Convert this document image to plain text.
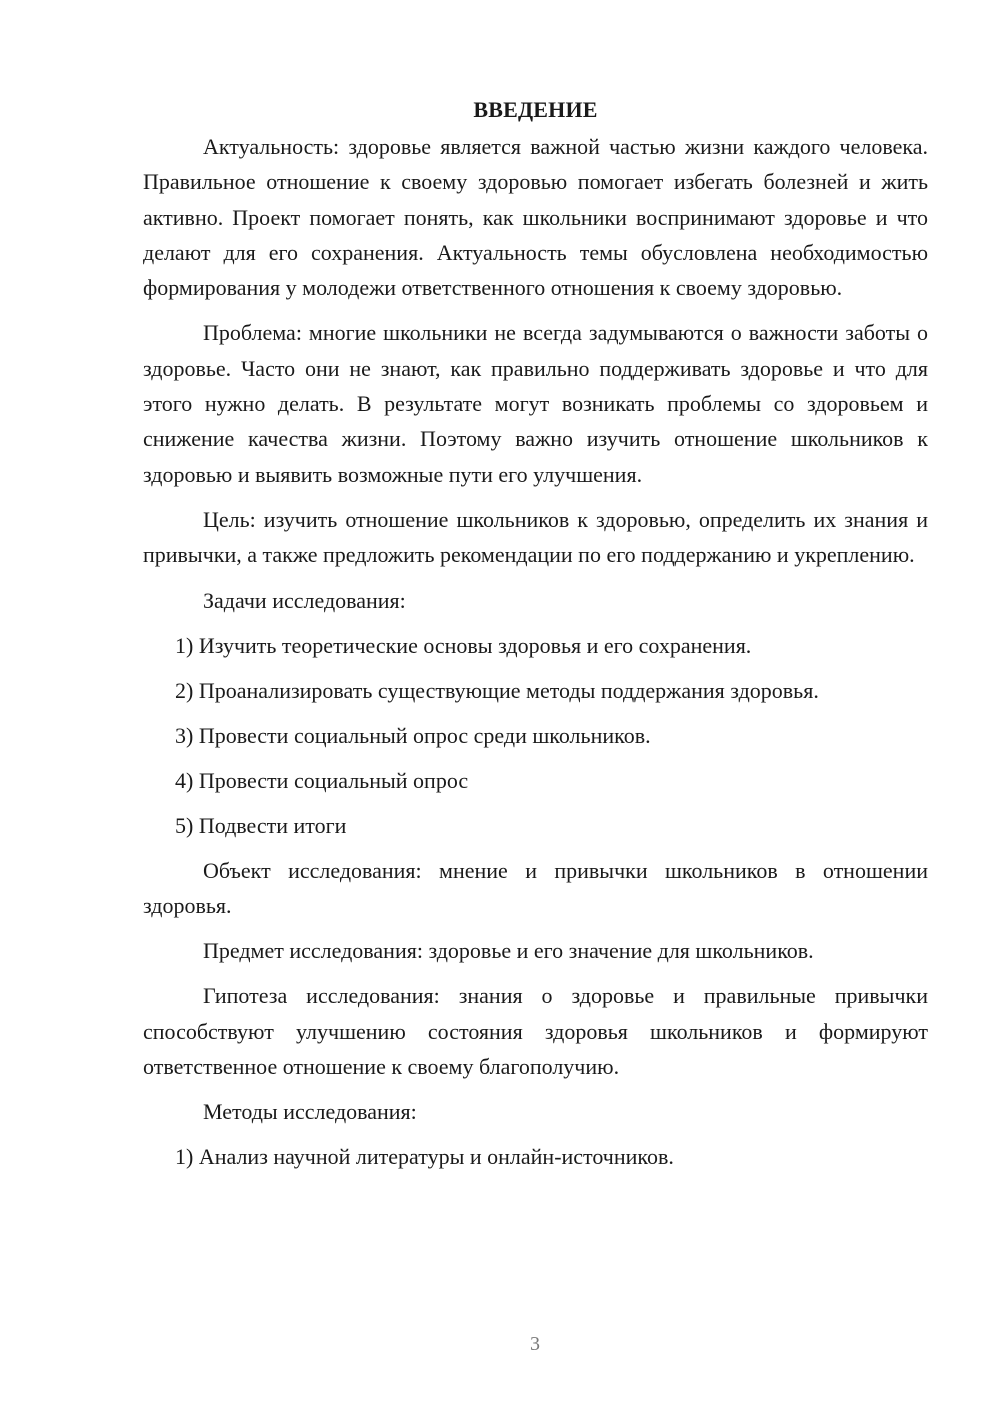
ВВЕДЕНИЕ

Актуальность: здоровье является важной частью жизни каждого человека. Правильное отношение к своему здоровью помогает избегать болезней и жить активно. Проект помогает понять, как школьники воспринимают здоровье и что делают для его сохранения. Актуальность темы обусловлена необходимостью формирования у молодежи ответственного отношения к своему здоровью.

Проблема: многие школьники не всегда задумываются о важности заботы о здоровье. Часто они не знают, как правильно поддерживать здоровье и что для этого нужно делать. В результате могут возникать проблемы со здоровьем и снижение качества жизни. Поэтому важно изучить отношение школьников к здоровью и выявить возможные пути его улучшения.

Цель: изучить отношение школьников к здоровью, определить их знания и привычки, а также предложить рекомендации по его поддержанию и укреплению.

Задачи исследования:
1) Изучить теоретические основы здоровья и его сохранения.
2) Проанализировать существующие методы поддержания здоровья.
3) Провести социальный опрос среди школьников.
4) Провести социальный опрос
5) Подвести итоги

Объект исследования: мнение и привычки школьников в отношении здоровья.

Предмет исследования: здоровье и его значение для школьников.

Гипотеза исследования: знания о здоровье и правильные привычки способствуют улучшению состояния здоровья школьников и формируют ответственное отношение к своему благополучию.

Методы исследования:
1) Анализ научной литературы и онлайн-источников.
3
